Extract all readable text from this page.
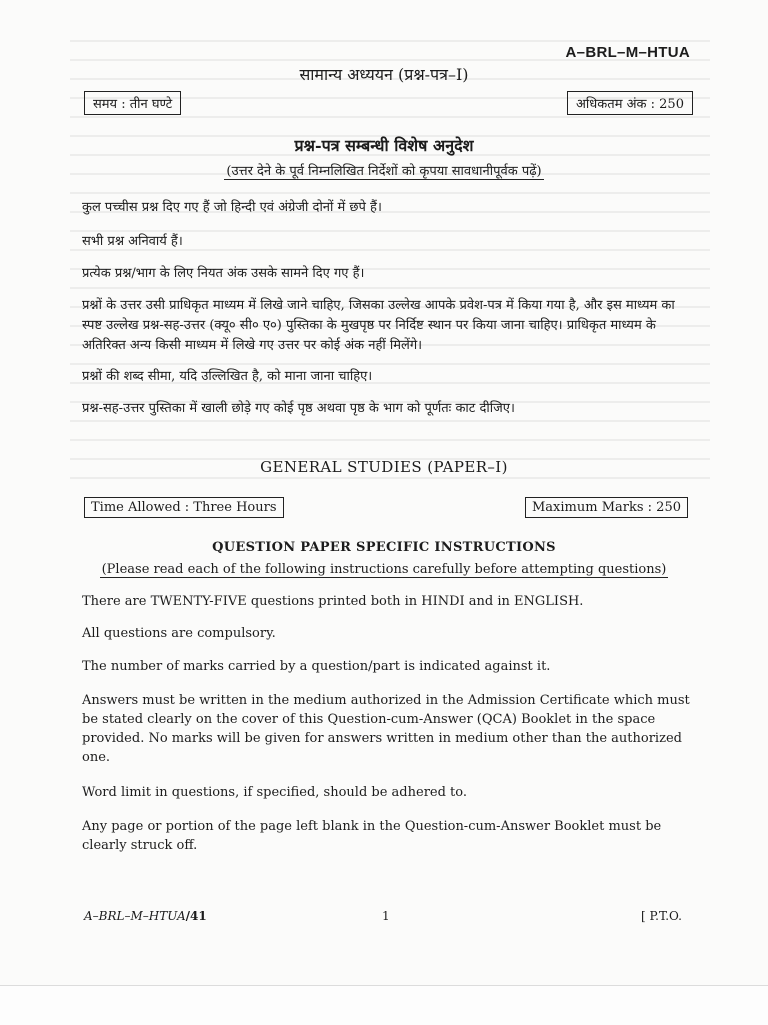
A–BRL–M–HTUA
सामान्य अध्ययन (प्रश्न-पत्र–I)
समय : तीन घण्टे	अधिकतम अंक : 250
प्रश्न-पत्र सम्बन्धी विशेष अनुदेश
(उत्तर देने के पूर्व निम्नलिखित निर्देशों को कृपया सावधानीपूर्वक पढ़ें)
कुल पच्चीस प्रश्न दिए गए हैं जो हिन्दी एवं अंग्रेजी दोनों में छपे हैं।
सभी प्रश्न अनिवार्य हैं।
प्रत्येक प्रश्न/भाग के लिए नियत अंक उसके सामने दिए गए हैं।
प्रश्नों के उत्तर उसी प्राधिकृत माध्यम में लिखे जाने चाहिए, जिसका उल्लेख आपके प्रवेश-पत्र में किया गया है, और इस माध्यम का स्पष्ट उल्लेख प्रश्न-सह-उत्तर (क्यू० सी० ए०) पुस्तिका के मुखपृष्ठ पर निर्दिष्ट स्थान पर किया जाना चाहिए। प्राधिकृत माध्यम के अतिरिक्त अन्य किसी माध्यम में लिखे गए उत्तर पर कोई अंक नहीं मिलेंगे।
प्रश्नों की शब्द सीमा, यदि उल्लिखित है, को माना जाना चाहिए।
प्रश्न-सह-उत्तर पुस्तिका में खाली छोड़े गए कोई पृष्ठ अथवा पृष्ठ के भाग को पूर्णतः काट दीजिए।
GENERAL STUDIES (PAPER–I)
Time Allowed : Three Hours	Maximum Marks : 250
QUESTION PAPER SPECIFIC INSTRUCTIONS
(Please read each of the following instructions carefully before attempting questions)
There are TWENTY-FIVE questions printed both in HINDI and in ENGLISH.
All questions are compulsory.
The number of marks carried by a question/part is indicated against it.
Answers must be written in the medium authorized in the Admission Certificate which must be stated clearly on the cover of this Question-cum-Answer (QCA) Booklet in the space provided. No marks will be given for answers written in medium other than the authorized one.
Word limit in questions, if specified, should be adhered to.
Any page or portion of the page left blank in the Question-cum-Answer Booklet must be clearly struck off.
A–BRL–M–HTUA/41	1	[ P.T.O.
